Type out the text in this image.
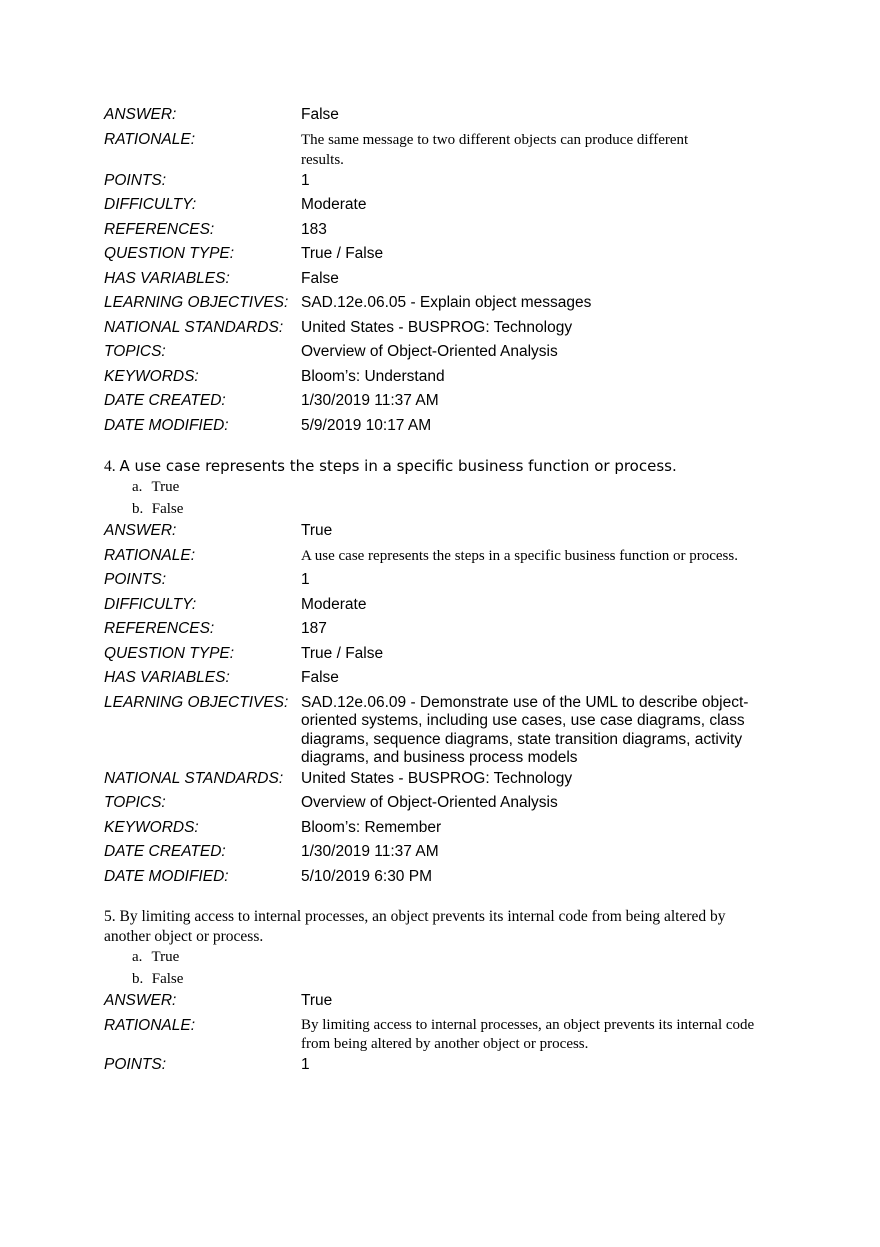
ANSWER:	False
RATIONALE:	The same message to two different objects can produce different results.
POINTS:	1
DIFFICULTY:	Moderate
REFERENCES:	183
QUESTION TYPE:	True / False
HAS VARIABLES:	False
LEARNING OBJECTIVES: SAD.12e.06.05 - Explain object messages
NATIONAL STANDARDS:	United States - BUSPROG: Technology
TOPICS:	Overview of Object-Oriented Analysis
KEYWORDS:	Bloom’s: Understand
DATE CREATED:	1/30/2019 11:37 AM
DATE MODIFIED:	5/9/2019 10:17 AM
4. A use case represents the steps in a specific business function or process.
a. True
b. False
ANSWER:	True
RATIONALE:	A use case represents the steps in a specific business function or process.
POINTS:	1
DIFFICULTY:	Moderate
REFERENCES:	187
QUESTION TYPE:	True / False
HAS VARIABLES:	False
LEARNING OBJECTIVES: SAD.12e.06.09 - Demonstrate use of the UML to describe object-oriented systems, including use cases, use case diagrams, class diagrams, sequence diagrams, state transition diagrams, activity diagrams, and business process models
NATIONAL STANDARDS:	United States - BUSPROG: Technology
TOPICS:	Overview of Object-Oriented Analysis
KEYWORDS:	Bloom’s: Remember
DATE CREATED:	1/30/2019 11:37 AM
DATE MODIFIED:	5/10/2019 6:30 PM
5. By limiting access to internal processes, an object prevents its internal code from being altered by another object or process.
a. True
b. False
ANSWER:	True
RATIONALE:	By limiting access to internal processes, an object prevents its internal code from being altered by another object or process.
POINTS:	1
